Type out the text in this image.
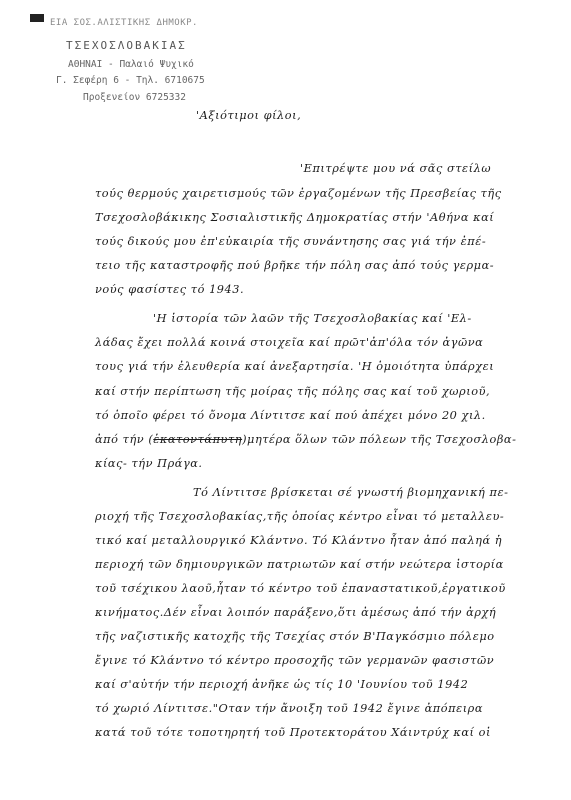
ΕΙΑ ΣΟΣ.ΑΛΙΣΤΙΚΗΣ ΔΗΜΟΚΡ.
ΤΣΕΧΟΣΛΟΒΑΚΙΑΣ
ΑΘΗΝΑΙ - Παλαιό Ψυχικό
Γ. Σεφέρη 6 - Τηλ. 6710675
Προξενείον 6725332
'Αξιότιμοι φίλοι,
'Επιτρέψτε μου νά σᾶς στείλω
τούς θερμούς χαιρετισμούς τῶν ἐργαζομένων τῆς Πρεσβείας τῆς
Τσεχοσλοβάκικης Σοσιαλιστικῆς Δημοκρατίας στήν 'Αθήνα καί
τούς δικούς μου ἐπ'εὐκαιρία τῆς συνάντησης σας γιά τήν ἐπέ-
τειο τῆς καταστροφῆς πού βρῆκε τήν πόλη σας ἀπό τούς γερμα-
νούς φασίστες τό 1943.
'Η ἱστορία τῶν λαῶν τῆς Τσεχοσλοβακίας καί 'Ελ-
λάδας ἔχει πολλά κοινά στοιχεῖα καί πρῶτ'ἀπ'όλα τόν ἀγῶνα
τους γιά τήν ἐλευθερία καί ἀνεξαρτησία. 'Η ὁμοιότητα ὑπάρχει
καί στήν περίπτωση τῆς μοίρας τῆς πόλης σας καί τοῦ χωριοῦ,
τό ὁποῖο φέρει τό ὄνομα Λίντιτσε καί πού ἀπέχει μόνο 20 χιλ.
ἀπό τήν (ἑκατοντάπυτη)μητέρα ὅλων τῶν πόλεων τῆς Τσεχοσλοβα-
κίας- τήν Πράγα.
Τό Λίντιτσε βρίσκεται σέ γνωστή βιομηχανική πε-
ριοχή τῆς Τσεχοσλοβακίας,τῆς ὁποίας κέντρο εἶναι τό μεταλλευ-
τικό καί μεταλλουργικό Κλάντνο. Τό Κλάντνο ἦταν ἀπό παληά ἡ
περιοχή τῶν δημιουργικῶν πατριωτῶν καί στήν νεώτερα ἱστορία
τοῦ τσέχικου λαοῦ,ἦταν τό κέντρο τοῦ ἐπαναστατικοῦ,ἐργατικοῦ
κινήματος.Δέν εἶναι λοιπόν παράξενο,ὅτι ἀμέσως ἀπό τήν ἀρχή
τῆς ναζιστικῆς κατοχῆς τῆς Τσεχίας στόν Β'Παγκόσμιο πόλεμο
ἔγινε τό Κλάντνο τό κέντρο προσοχῆς τῶν γερμανῶν φασιστῶν
καί σ'αὐτήν τήν περιοχή ἀνῆκε ὡς τίς 10 'Ιουνίου τοῦ 1942
τό χωριό Λίντιτσε."Οταν τήν ἄνοιξη τοῦ 1942 ἔγινε ἀπόπειρα
κατά τοῦ τότε τοποτηρητή τοῦ Προτεκτοράτου Χάιντρύχ καί οἱ
